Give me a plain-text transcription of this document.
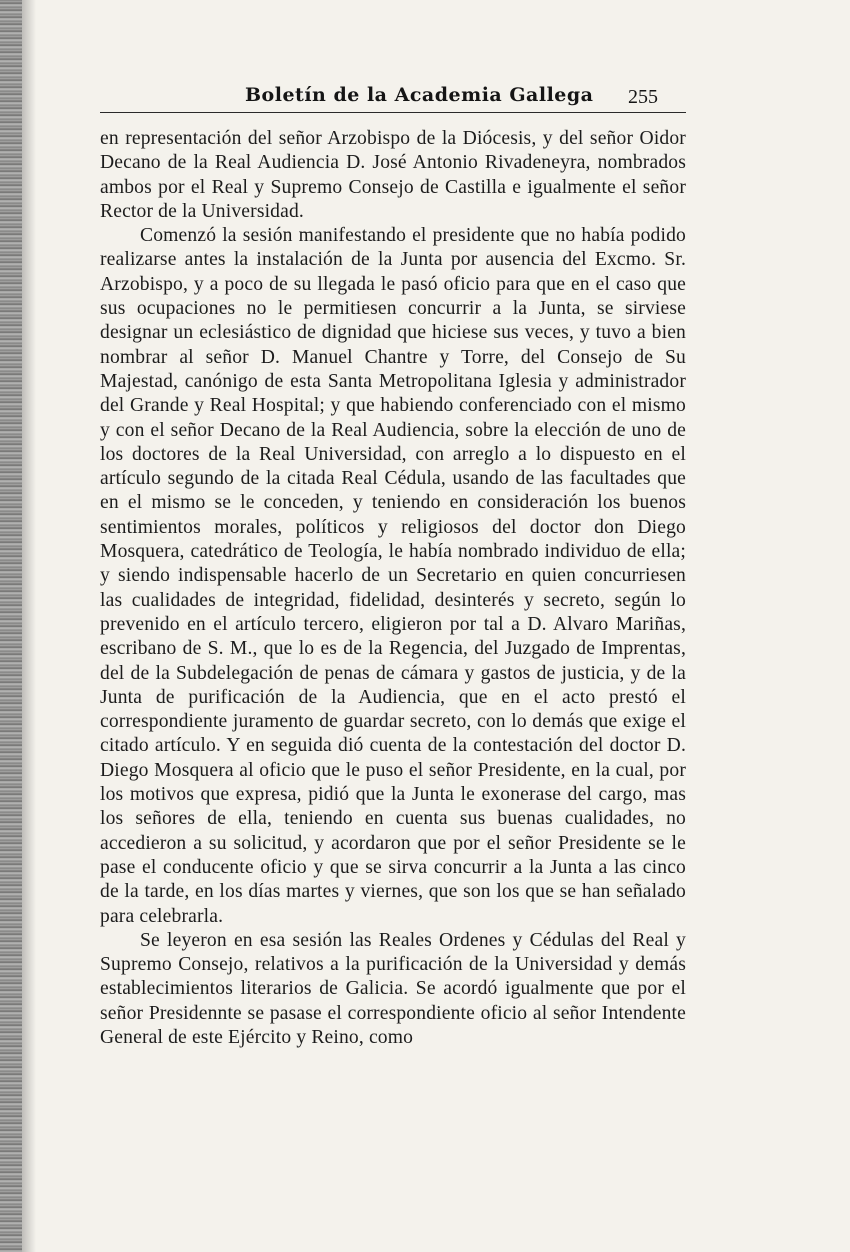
Boletín de la Academia Gallega 255

en representación del señor Arzobispo de la Diócesis, y del señor Oidor Decano de la Real Audiencia D. José Antonio Rivadeneyra, nombrados ambos por el Real y Supremo Consejo de Castilla e igualmente el señor Rector de la Universidad.

Comenzó la sesión manifestando el presidente que no había podido realizarse antes la instalación de la Junta por ausencia del Excmo. Sr. Arzobispo, y a poco de su llegada le pasó oficio para que en el caso que sus ocupaciones no le permitiesen concurrir a la Junta, se sirviese designar un eclesiástico de dignidad que hiciese sus veces, y tuvo a bien nombrar al señor D. Manuel Chantre y Torre, del Consejo de Su Majestad, canónigo de esta Santa Metropolitana Iglesia y administrador del Grande y Real Hospital; y que habiendo conferenciado con el mismo y con el señor Decano de la Real Audiencia, sobre la elección de uno de los doctores de la Real Universidad, con arreglo a lo dispuesto en el artículo segundo de la citada Real Cédula, usando de las facultades que en el mismo se le conceden, y teniendo en consideración los buenos sentimientos morales, políticos y religiosos del doctor don Diego Mosquera, catedrático de Teología, le había nombrado individuo de ella; y siendo indispensable hacerlo de un Secretario en quien concurriesen las cualidades de integridad, fidelidad, desinterés y secreto, según lo prevenido en el artículo tercero, eligieron por tal a D. Alvaro Mariñas, escribano de S. M., que lo es de la Regencia, del Juzgado de Imprentas, del de la Subdelegación de penas de cámara y gastos de justicia, y de la Junta de purificación de la Audiencia, que en el acto prestó el correspondiente juramento de guardar secreto, con lo demás que exige el citado artículo. Y en seguida dió cuenta de la contestación del doctor D. Diego Mosquera al oficio que le puso el señor Presidente, en la cual, por los motivos que expresa, pidió que la Junta le exonerase del cargo, mas los señores de ella, teniendo en cuenta sus buenas cualidades, no accedieron a su solicitud, y acordaron que por el señor Presidente se le pase el conducente oficio y que se sirva concurrir a la Junta a las cinco de la tarde, en los días martes y viernes, que son los que se han señalado para celebrarla.

Se leyeron en esa sesión las Reales Ordenes y Cédulas del Real y Supremo Consejo, relativos a la purificación de la Universidad y demás establecimientos literarios de Galicia. Se acordó igualmente que por el señor Presidennte se pasase el correspondiente oficio al señor Intendente General de este Ejército y Reino, como
